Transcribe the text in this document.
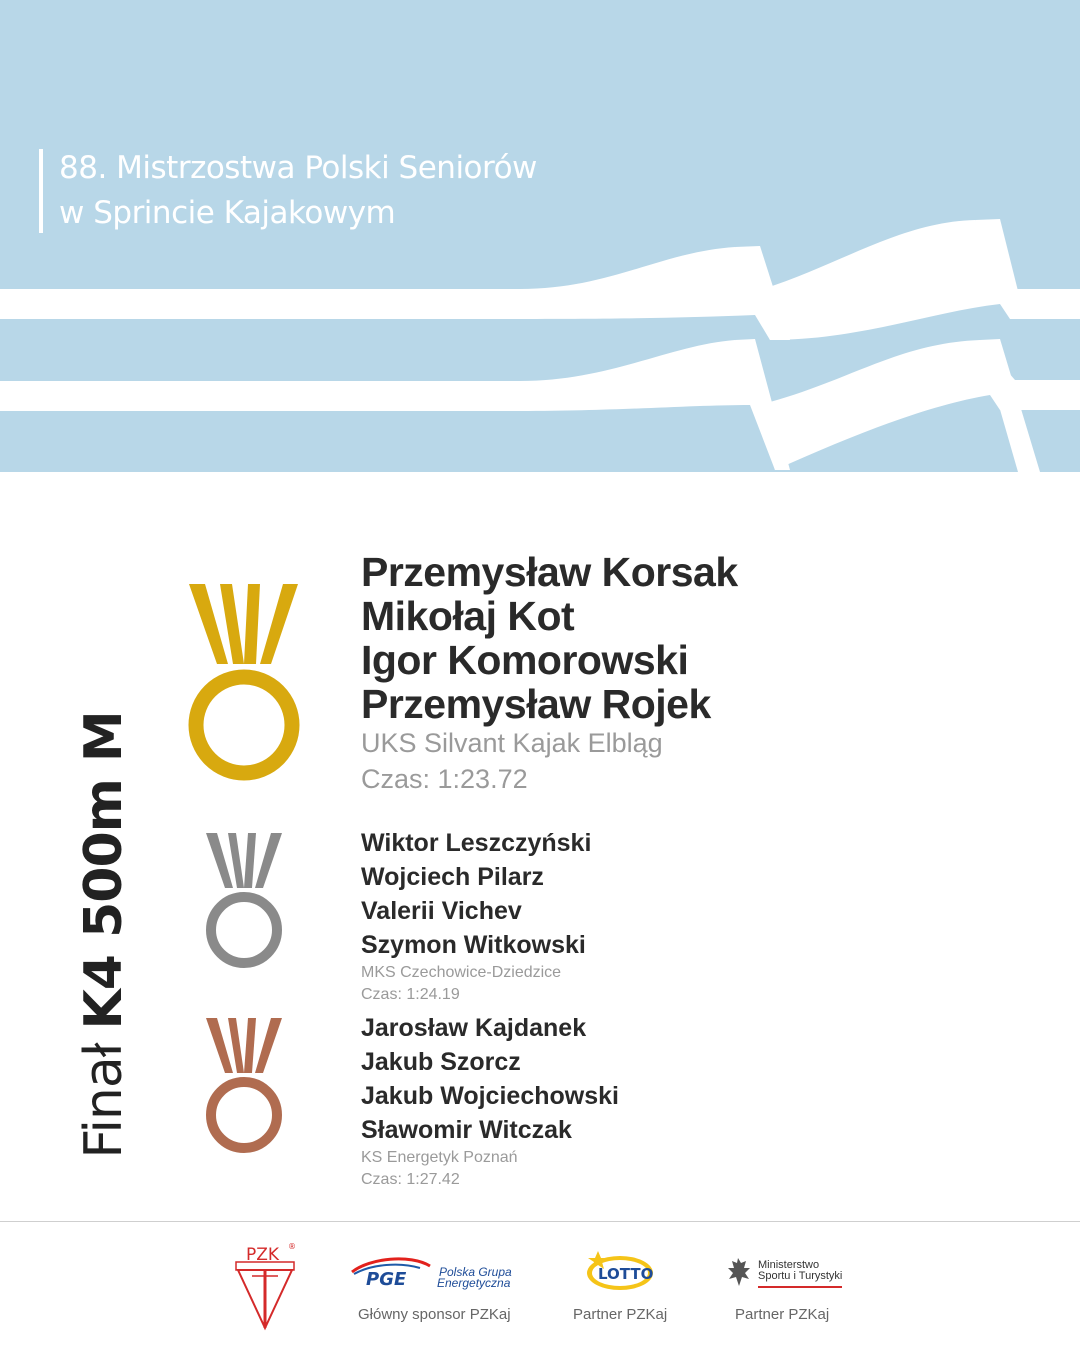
88. Mistrzostwa Polski Seniorów
w Sprincie Kajakowym
FinałK4 500m M
Przemysław Korsak
Mikołaj Kot
Igor Komorowski
Przemysław Rojek
UKS Silvant Kajak Elbląg
Czas: 1:23.72
Wiktor Leszczyński
Wojciech Pilarz
Valerii Vichev
Szymon Witkowski
MKS Czechowice-Dziedzice
Czas: 1:24.19
Jarosław Kajdanek
Jakub Szorcz
Jakub Wojciechowski
Sławomir Witczak
KS Energetyk Poznań
Czas: 1:27.42
PZK ®
PGE	Polska Grupa
Energetyczna	LOTTO	Ministerstwo
Sportu i Turystyki
Główny sponsor PZKaj	Partner PZKaj	Partner PZKaj
